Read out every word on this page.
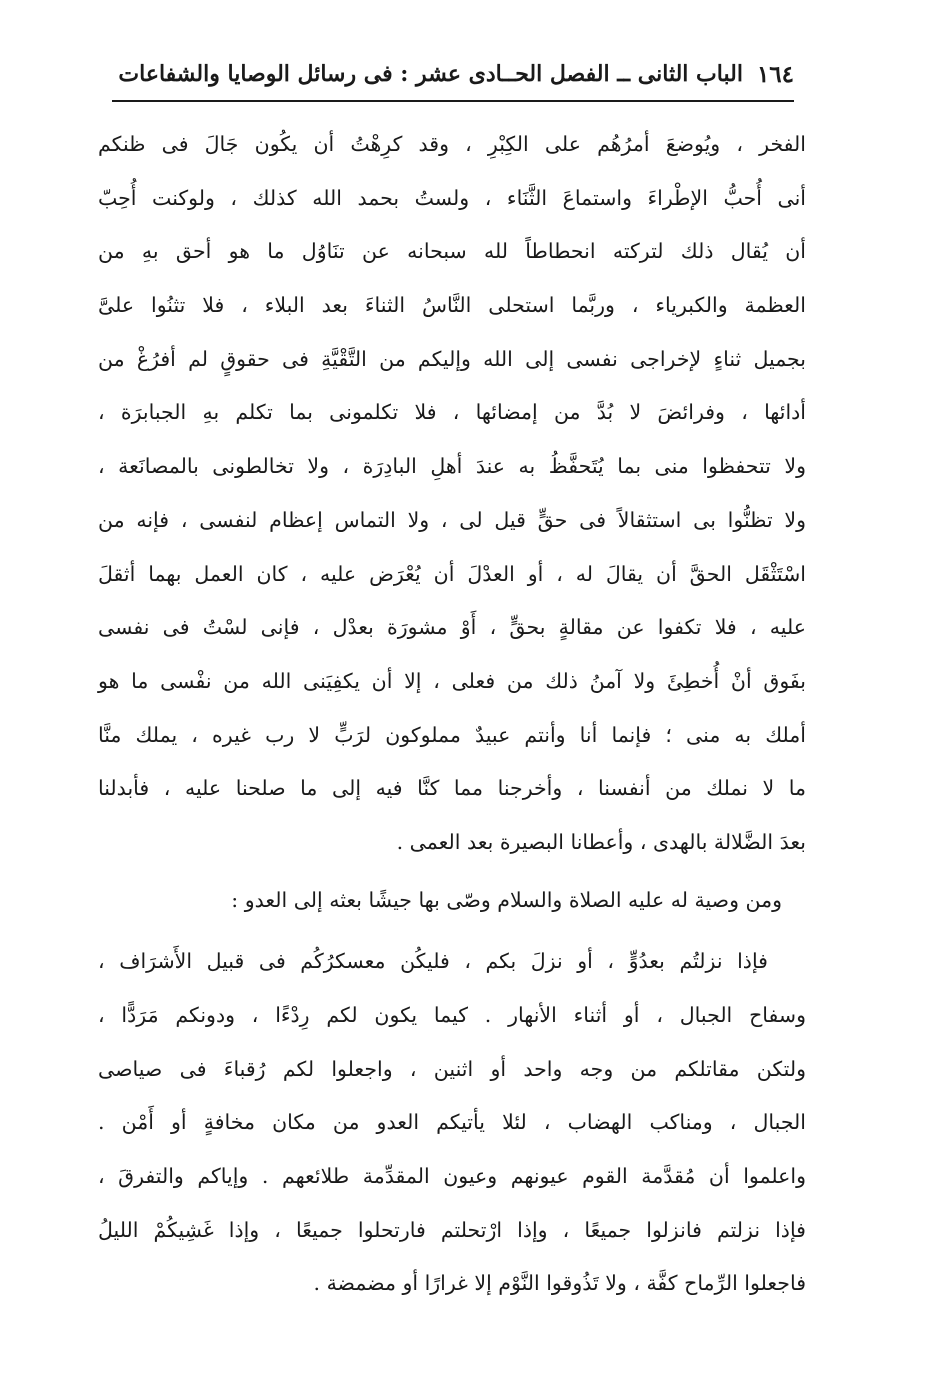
١٦٤
الباب الثانى ــ الفصل الحــادى عشر : فى رسائل الوصايا والشفاعات
الفخر ، ويُوضعَ أمرُهُم على الكِبْرِ ، وقد كرِهْتُ أن يكُون جَالَ فى ظنكم
أنى أُحبُّ الإطْراءَ واستماعَ الثَّنَاء ، ولستُ بحمد الله كذلك ، ولوكنت أُحِبّ
أن يُقال ذلك لتركته انحطاطاً لله سبحانه عن تنَاوُل ما هو أحق بهِ من
العظمة والكبرياء ، وربَّما استحلى النَّاسُ الثناءَ بعد البلاء ، فلا تثنُوا علىَّ
بجميل ثناءٍ لإخراجى نفسى إلى الله وإليكم من التَّقْيَّةِ فى حقوقٍ لم أفرُغْ من
أدائها ، وفرائضَ لا بُدَّ من إمضائها ، فلا تكلمونى بما تكلم بهِ الجبابرَة ،
ولا تتحفظوا منى بما يُتَحفَّظُ به عندَ أهلِ البادِرَة ، ولا تخالطونى بالمصانَعة ،
ولا تظنُّوا بى استثقالاً فى حقٍّ قيل لى ، ولا التماس إعظام لنفسى ، فإنه من
اسْتَثْقَل الحقَّ أن يقالَ له ، أو العدْلَ أن يُعْرَض عليه ، كان العمل بهما أثقلَ
عليه ، فلا تكفوا عن مقالةٍ بحقٍّ ، أَوْ مشورَة بعدْل ، فإنى لسْتُ فى نفسى
بفَوق أنْ أُخطِئَ ولا آمنُ ذلك من فعلى ، إلا أن يكفِيَنى الله من نفْسى ما هو
أملك به منى ؛ فإنما أنا وأنتم عبيدٌ مملوكون لرَبٍّ لا رب غيره ، يملك منَّا
ما لا نملك من أنفسنا ، وأخرجنا مما كنَّا فيه إلى ما صلحنا عليه ، فأبدلنا
بعدَ الضَّلالة بالهدى ، وأعطانا البصيرة بعد العمى .
ومن وصية له عليه الصلاة والسلام وصّى بها جيشًا بعثه إلى العدو :
فإذا نزلتُم بعدُوٍّ ، أو نزلَ بكم ، فليكُن معسكرُكُم فى قبيل الأَشرَاف ،
وسفاح الجبال ، أو أثناء الأنهار . كيما يكون لكم رِدْءًا ، ودونكم مَرَدًّا ،
ولتكن مقاتلكم من وجه واحد أو اثنين ، واجعلوا لكم رُقباءَ فى صياصى
الجبال ، ومناكب الهضاب ، لئلا يأتيكم العدو من مكان مخافةٍ أو أَمْن .
واعلموا أن مُقدَّمة القوم عيونهم وعيون المقدِّمة طلائعهم . وإياكم والتفرقَ ،
فإذا نزلتم فانزلوا جميعًا ، وإذا ارْتحلتم فارتحلوا جميعًا ، وإذا غَشِيكُمْ الليلُ
فاجعلوا الرِّماح كفَّة ، ولا تَذُوقوا النَّوْم إلا غرارًا أو مضمضة .
